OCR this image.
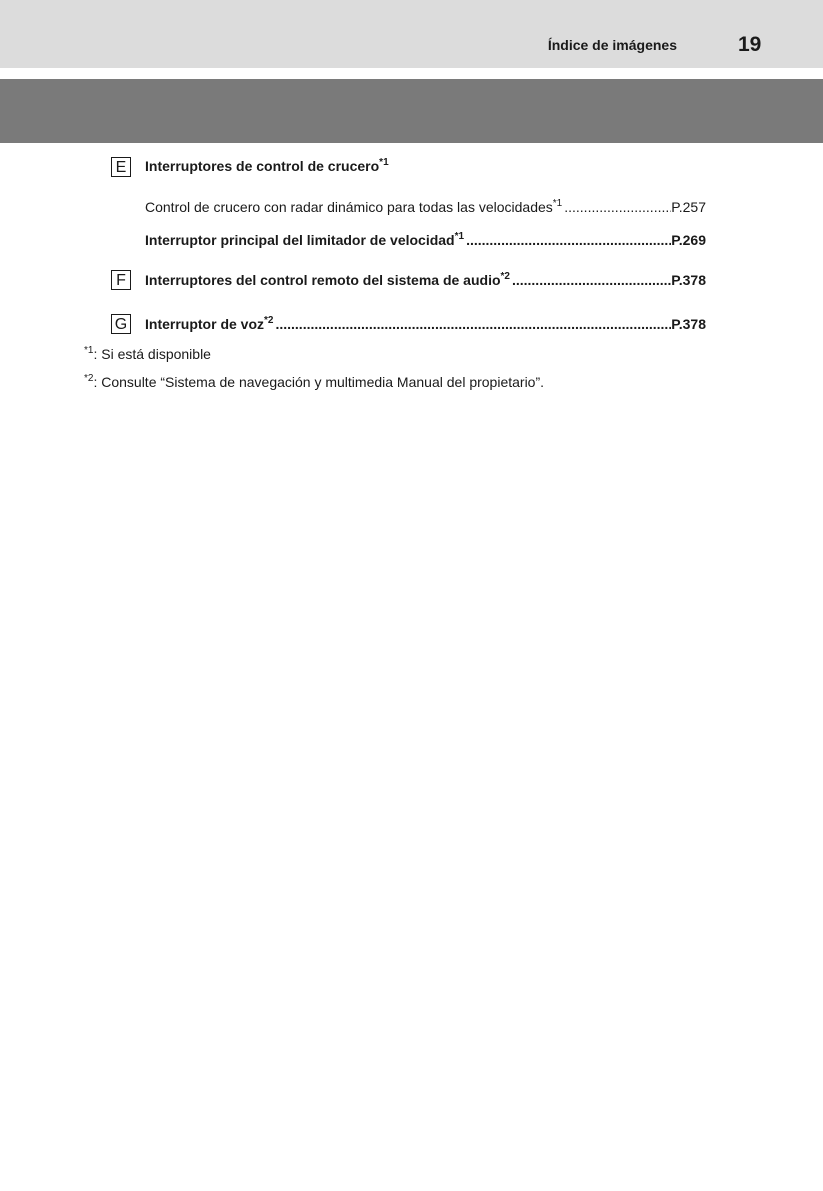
Índice de imágenes	19
E	Interruptores de control de crucero$^{*1}$
Control de crucero con radar dinámico para todas las velocidades$^{*1}$ .....	P.257
Interruptor principal del limitador de velocidad$^{*1}$ .....	P.269
F	Interruptores del control remoto del sistema de audio$^{*2}$ .....	P.378
G Interruptor de voz$^{*2}$ .....	P.378
$^{*1}$: Si está disponible
$^{*2}$: Consulte “Sistema de navegación y multimedia Manual del propietario”.
